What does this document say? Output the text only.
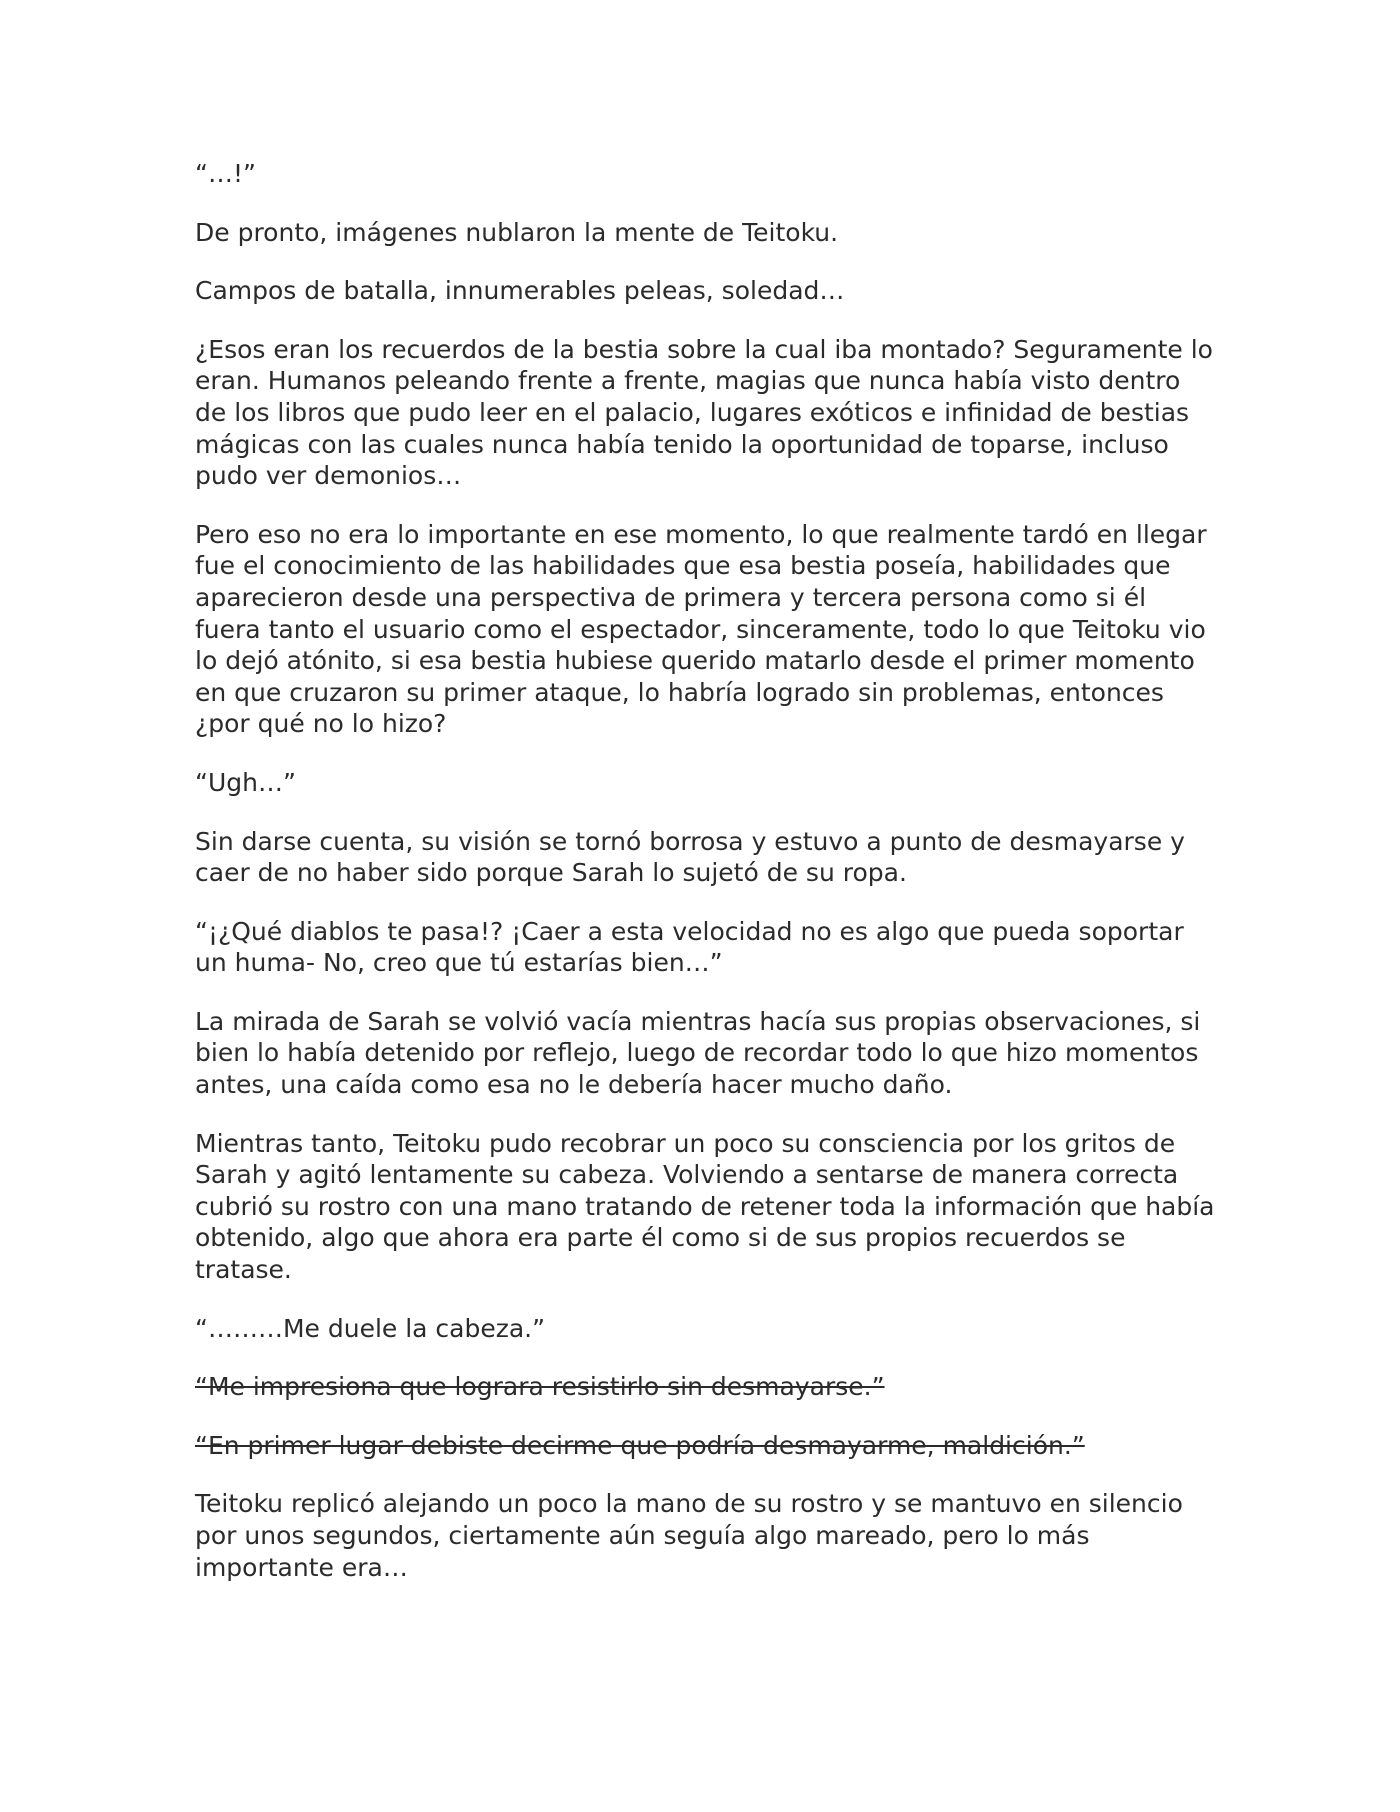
“…!”

De pronto, imágenes nublaron la mente de Teitoku.

Campos de batalla, innumerables peleas, soledad…

¿Esos eran los recuerdos de la bestia sobre la cual iba montado? Seguramente lo eran. Humanos peleando frente a frente, magias que nunca había visto dentro de los libros que pudo leer en el palacio, lugares exóticos e infinidad de bestias mágicas con las cuales nunca había tenido la oportunidad de toparse, incluso pudo ver demonios…

Pero eso no era lo importante en ese momento, lo que realmente tardó en llegar fue el conocimiento de las habilidades que esa bestia poseía, habilidades que aparecieron desde una perspectiva de primera y tercera persona como si él fuera tanto el usuario como el espectador, sinceramente, todo lo que Teitoku vio lo dejó atónito, si esa bestia hubiese querido matarlo desde el primer momento en que cruzaron su primer ataque, lo habría logrado sin problemas, entonces ¿por qué no lo hizo?

“Ugh…”

Sin darse cuenta, su visión se tornó borrosa y estuvo a punto de desmayarse y caer de no haber sido porque Sarah lo sujetó de su ropa.

“¡¿Qué diablos te pasa!? ¡Caer a esta velocidad no es algo que pueda soportar un huma- No, creo que tú estarías bien…”

La mirada de Sarah se volvió vacía mientras hacía sus propias observaciones, si bien lo había detenido por reflejo, luego de recordar todo lo que hizo momentos antes, una caída como esa no le debería hacer mucho daño.

Mientras tanto, Teitoku pudo recobrar un poco su consciencia por los gritos de Sarah y agitó lentamente su cabeza. Volviendo a sentarse de manera correcta cubrió su rostro con una mano tratando de retener toda la información que había obtenido, algo que ahora era parte él como si de sus propios recuerdos se tratase.

“………Me duele la cabeza.”

“Me impresiona que lograra resistirlo sin desmayarse.”

“En primer lugar debiste decirme que podría desmayarme, maldición.”

Teitoku replicó alejando un poco la mano de su rostro y se mantuvo en silencio por unos segundos, ciertamente aún seguía algo mareado, pero lo más importante era…
